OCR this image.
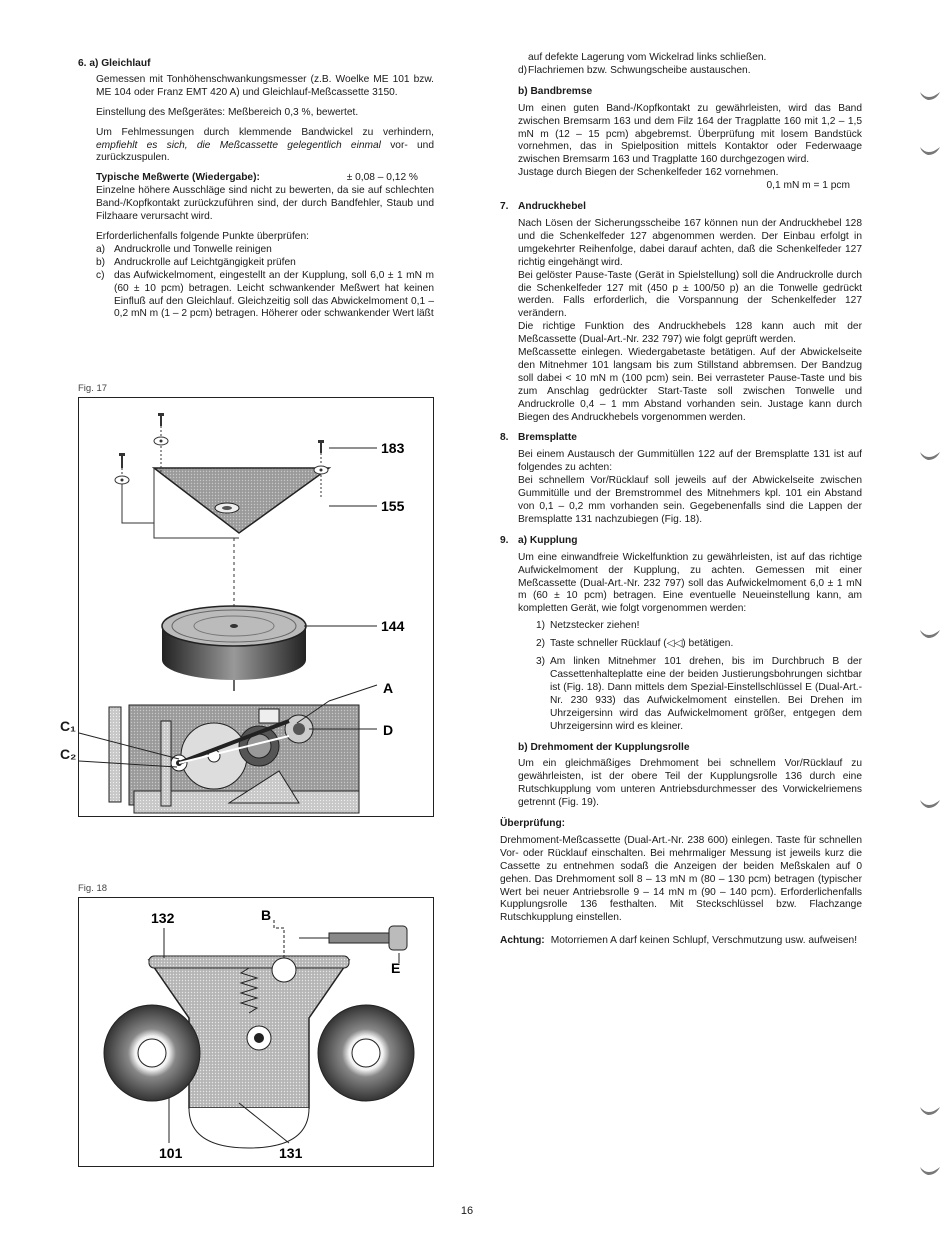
6. a) Gleichlauf

Gemessen mit Tonhöhenschwankungsmesser (z.B. Woelke ME 101 bzw. ME 104 oder Franz EMT 420 A) und Gleichlauf-Meßcassette 3150.

Einstellung des Meßgerätes: Meßbereich 0,3 %, bewertet.

Um Fehlmessungen durch klemmende Bandwickel zu verhindern, empfiehlt es sich, die Meßcassette gelegentlich einmal vor- und zurückzuspulen.

Typische Meßwerte (Wiedergabe):	± 0,08 – 0,12 %

Einzelne höhere Ausschläge sind nicht zu bewerten, da sie auf schlechten Band-/Kopfkontakt zurückzuführen sind, der durch Bandfehler, Staub und Filzhaare verursacht wird.

Erforderlichenfalls folgende Punkte überprüfen:

a) Andruckrolle und Tonwelle reinigen
b) Andruckrolle auf Leichtgängigkeit prüfen
c) das Aufwickelmoment, eingestellt an der Kupplung, soll 6,0 ± 1 mN m (60 ± 10 pcm) betragen. Leicht schwankender Meßwert hat keinen Einfluß auf den Gleichlauf. Gleichzeitig soll das Abwickelmoment 0,1 – 0,2 mN m (1 – 2 pcm) betragen. Höherer oder schwankender Wert läßt
Fig. 17
183
155
144
A
D
C₁
C₂
Fig. 18
132	B
E
101	131

auf defekte Lagerung vom Wickelrad links schließen.

d) Flachriemen bzw. Schwungscheibe austauschen.

b) Bandbremse

Um einen guten Band-/Kopfkontakt zu gewährleisten, wird das Band zwischen Bremsarm 163 und dem Filz 164 der Tragplatte 160 mit 1,2 – 1,5 mN m (12 – 15 pcm) abgebremst. Überprüfung mit losem Bandstück vornehmen, das in Spielposition mittels Kontaktor oder Federwaage zwischen Bremsarm 163 und Tragplatte 160 durchgezogen wird.

Justage durch Biegen der Schenkelfeder 162 vornehmen.

0,1 mN m = 1 pcm

7. Andruckhebel

Nach Lösen der Sicherungsscheibe 167 können nun der Andruckhebel 128 und die Schenkelfeder 127 abgenommen werden. Der Einbau erfolgt in umgekehrter Reihenfolge, dabei darauf achten, daß die Schenkelfeder 127 richtig eingehängt wird.

Bei gelöster Pause-Taste (Gerät in Spielstellung) soll die Andruckrolle durch die Schenkelfeder 127 mit (450 p ± 100/50 p) an die Tonwelle gedrückt werden. Falls erforderlich, die Vorspannung der Schenkelfeder 127 verändern.

Die richtige Funktion des Andruckhebels 128 kann auch mit der Meßcassette (Dual-Art.-Nr. 232 797) wie folgt geprüft werden.

Meßcassette einlegen. Wiedergabetaste betätigen. Auf der Abwickelseite den Mitnehmer 101 langsam bis zum Stillstand abbremsen. Der Bandzug soll dabei < 10 mN m (100 pcm) sein. Bei verrasteter Pause-Taste und bis zum Anschlag gedrückter Start-Taste soll zwischen Tonwelle und Andruckrolle 0,4 – 1 mm Abstand vorhanden sein. Justage kann durch Biegen des Andruckhebels vorgenommen werden.

8. Bremsplatte

Bei einem Austausch der Gummitüllen 122 auf der Bremsplatte 131 ist auf folgendes zu achten:

Bei schnellem Vor/Rücklauf soll jeweils auf der Abwickelseite zwischen Gummitülle und der Bremstrommel des Mitnehmers kpl. 101 ein Abstand von 0,1 – 0,2 mm vorhanden sein. Gegebenenfalls sind die Lappen der Bremsplatte 131 nachzubiegen (Fig. 18).

9. a) Kupplung

Um eine einwandfreie Wickelfunktion zu gewährleisten, ist auf das richtige Aufwickelmoment der Kupplung, zu achten. Gemessen mit einer Meßcassette (Dual-Art.-Nr. 232 797) soll das Aufwickelmoment 6,0 ± 1 mN m (60 ± 10 pcm) betragen. Eine eventuelle Neueinstellung kann, am kompletten Gerät, wie folgt vorgenommen werden:

1) Netzstecker ziehen!
2) Taste schneller Rücklauf (◁◁) betätigen.
3) Am linken Mitnehmer 101 drehen, bis im Durchbruch B der Cassettenhalteplatte eine der beiden Justierungsbohrungen sichtbar ist (Fig. 18). Dann mittels dem Spezial-Einstellschlüssel E (Dual-Art.-Nr. 230 933) das Aufwickelmoment einstellen. Bei Drehen im Uhrzeigersinn wird das Aufwickelmoment größer, entgegen dem Uhrzeigersinn wird es kleiner.

b) Drehmoment der Kupplungsrolle

Um ein gleichmäßiges Drehmoment bei schnellem Vor/Rücklauf zu gewährleisten, ist der obere Teil der Kupplungsrolle 136 durch eine Rutschkupplung vom unteren Antriebsdurchmesser des Vorwickelriemens getrennt (Fig. 19).

Überprüfung:

Drehmoment-Meßcassette (Dual-Art.-Nr. 238 600) einlegen. Taste für schnellen Vor- oder Rücklauf einschalten. Bei mehrmaliger Messung ist jeweils kurz die Cassette zu entnehmen sodaß die Anzeigen der beiden Meßskalen auf 0 gehen. Das Drehmoment soll 8 – 13 mN m (80 – 130 pcm) betragen (typischer Wert bei neuer Antriebsrolle 9 – 14 mN m (90 – 140 pcm). Erforderlichenfalls Kupplungsrolle 136 festhalten. Mit Steckschlüssel bzw. Flachzange Rutschkupplung einstellen.

Achtung: Motorriemen A darf keinen Schlupf, Verschmutzung usw. aufweisen!
16
